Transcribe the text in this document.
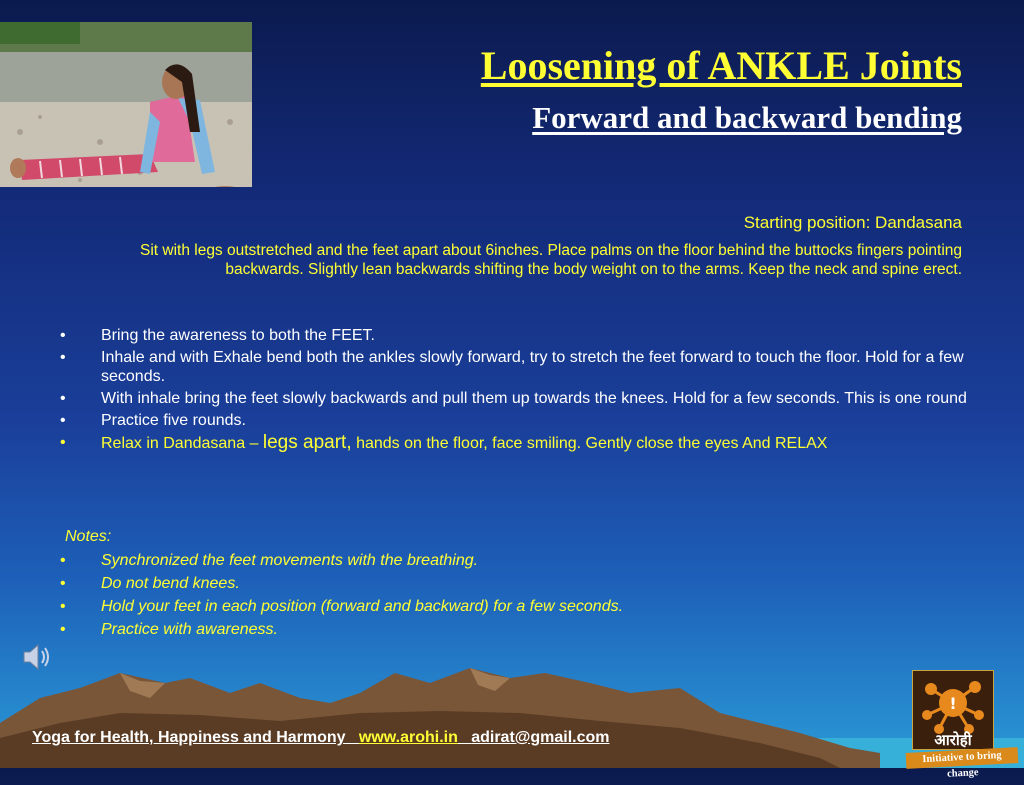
Loosening of ANKLE Joints
Forward and backward bending
Starting position: Dandasana
Sit with legs outstretched and the feet apart about 6inches. Place palms on the floor behind the buttocks fingers pointing backwards. Slightly lean backwards shifting the body weight on to the arms. Keep the neck and spine erect.
• Bring the awareness to both the FEET.
• Inhale and with Exhale bend both the ankles slowly forward, try to stretch the feet forward to touch the floor. Hold for a few seconds.
• With inhale bring the feet slowly backwards and pull them up towards the knees. Hold for a few seconds. This is one round
• Practice five rounds.
• Relax in Dandasana – legs apart, hands on the floor, face smiling. Gently close the eyes And RELAX
Notes:
• Synchronized the feet movements with the breathing.
• Do not bend knees.
• Hold your feet in each position (forward and backward) for a few seconds.
• Practice with awareness.
Yoga for Health, Happiness and Harmony www.arohi.in adirat@gmail.com
!
आरोही
Initiative to bring change
